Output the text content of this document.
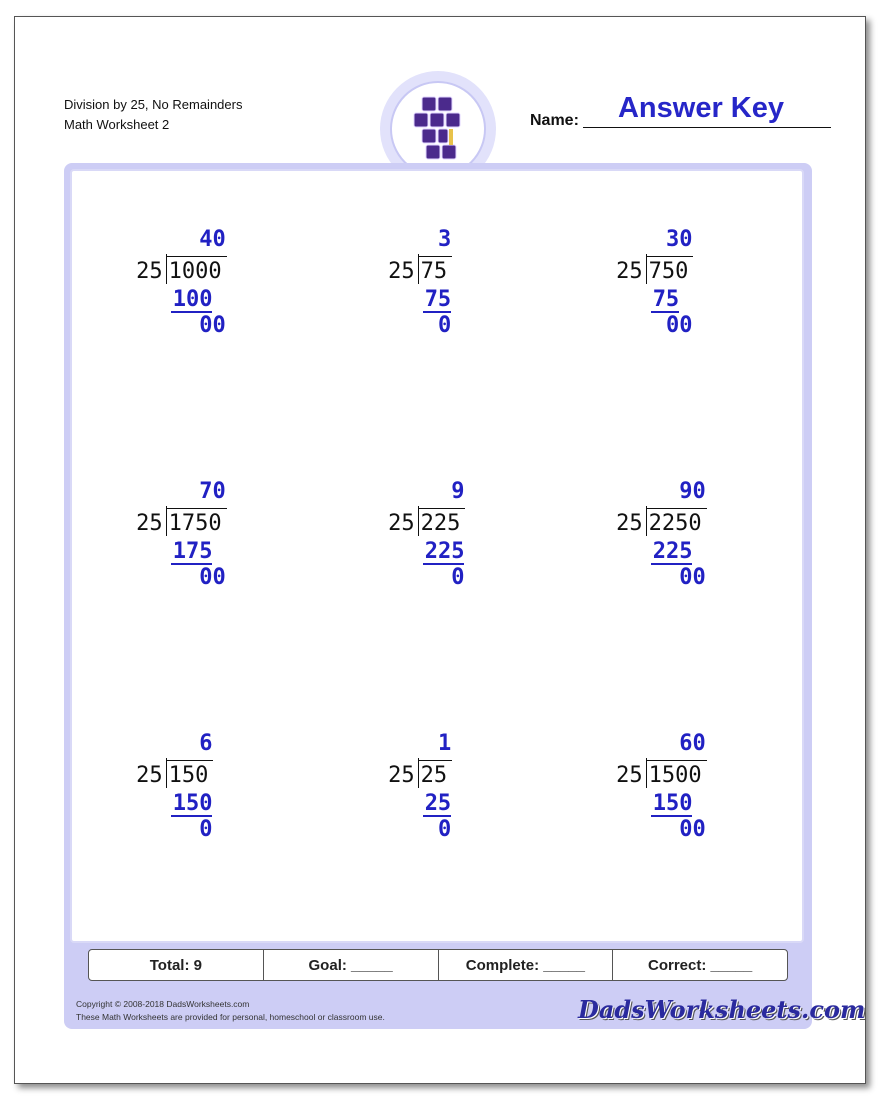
Division by 25, No Remainders
Math Worksheet 2
Answer Key
Name:
40
25 1000
100
00
3
25 75
75
0
30
25 750
75
00
70
25 1750
175
00
9
25 225
225
0
90
25 2250
225
00
6
25 150
150
0
1
25 25
25
0
60
25 1500
150
00
Total: 9	Goal: _____	Complete: _____	Correct: _____
Copyright © 2008-2018 DadsWorksheets.com
These Math Worksheets are provided for personal, homeschool or classroom use.	DadsWorksheets.com
